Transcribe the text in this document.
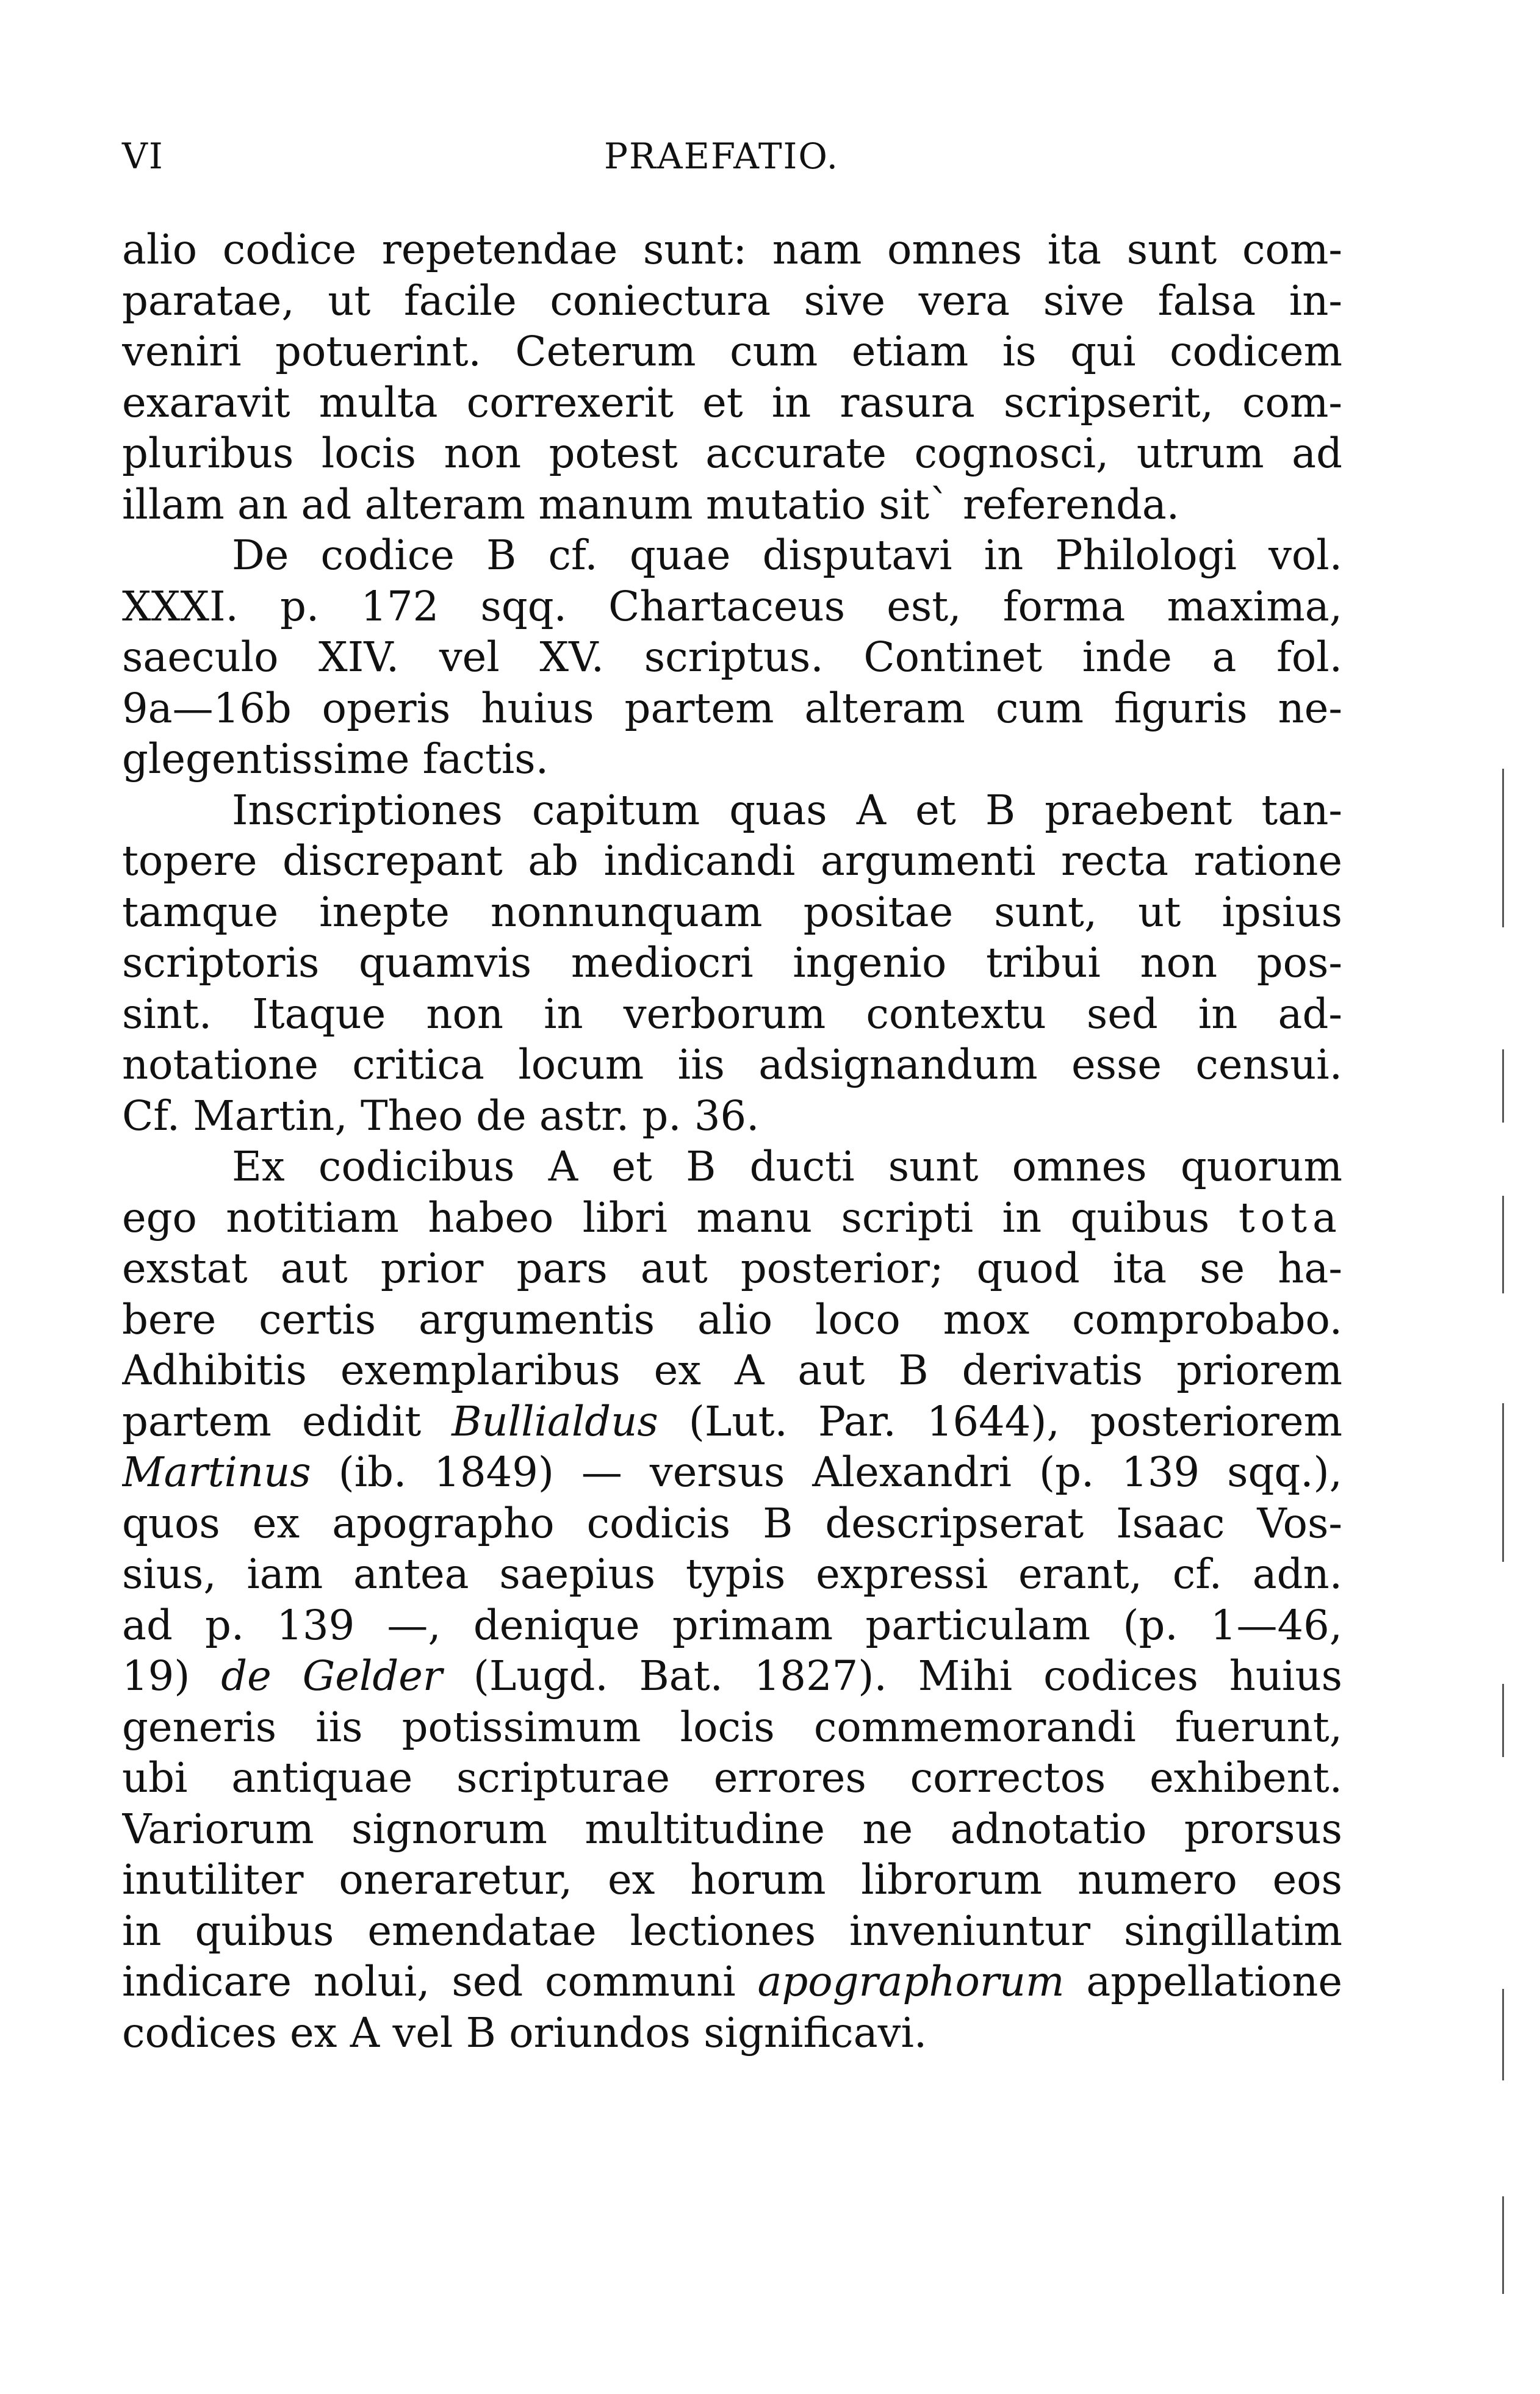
VI	PRAEFATIO.
alio codice repetendae sunt: nam omnes ita sunt com-
paratae, ut facile coniectura sive vera sive falsa in-
veniri potuerint. Ceterum cum etiam is qui codicem
exaravit multa correxerit et in rasura scripserit, com-
pluribus locis non potest accurate cognosci, utrum ad
illam an ad alteram manum mutatio sit` referenda.
De codice B cf. quae disputavi in Philologi vol.
XXXI. p. 172 sqq. Chartaceus est, forma maxima,
saeculo XIV. vel XV. scriptus. Continet inde a fol.
9a—16b operis huius partem alteram cum figuris ne-
glegentissime factis.
Inscriptiones capitum quas A et B praebent tan-
topere discrepant ab indicandi argumenti recta ratione
tamque inepte nonnunquam positae sunt, ut ipsius
scriptoris quamvis mediocri ingenio tribui non pos-
sint. Itaque non in verborum contextu sed in ad-
notatione critica locum iis adsignandum esse censui.
Cf. Martin, Theo de astr. p. 36.
Ex codicibus A et B ducti sunt omnes quorum
ego notitiam habeo libri manu scripti in quibus tota
exstat aut prior pars aut posterior; quod ita se ha-
bere certis argumentis alio loco mox comprobabo.
Adhibitis exemplaribus ex A aut B derivatis priorem
partem edidit Bullialdus (Lut. Par. 1644), posteriorem
Martinus (ib. 1849) — versus Alexandri (p. 139 sqq.),
quos ex apographo codicis B descripserat Isaac Vos-
sius, iam antea saepius typis expressi erant, cf. adn.
ad p. 139 —, denique primam particulam (p. 1—46,
19) de Gelder (Lugd. Bat. 1827). Mihi codices huius
generis iis potissimum locis commemorandi fuerunt,
ubi antiquae scripturae errores correctos exhibent.
Variorum signorum multitudine ne adnotatio prorsus
inutiliter oneraretur, ex horum librorum numero eos
in quibus emendatae lectiones inveniuntur singillatim
indicare nolui, sed communi apographorum appellatione
codices ex A vel B oriundos significavi.
